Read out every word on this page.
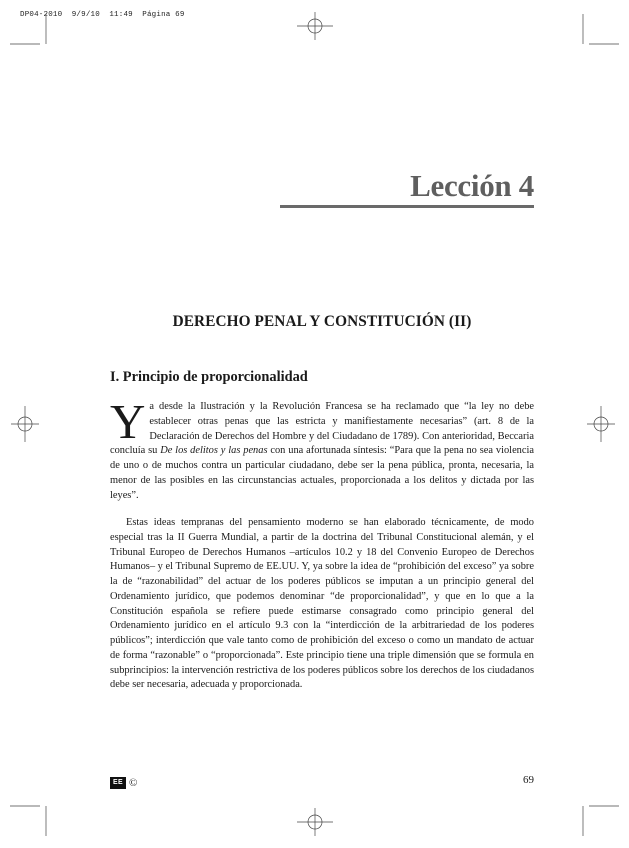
DP04-2010 9/9/10 11:49 Página 69
Lección 4
DERECHO PENAL Y CONSTITUCIÓN (II)
I. Principio de proporcionalidad
Ya desde la Ilustración y la Revolución Francesa se ha reclamado que “la ley no debe establecer otras penas que las estricta y manifiestamente necesarias” (art. 8 de la Declaración de Derechos del Hombre y del Ciudadano de 1789). Con anterioridad, Beccaria concluía su De los delitos y las penas con una afortunada síntesis: “Para que la pena no sea violencia de uno o de muchos contra un particular ciudadano, debe ser la pena pública, pronta, necesaria, la menor de las posibles en las circunstancias actuales, proporcionada a los delitos y dictada por las leyes”.
Estas ideas tempranas del pensamiento moderno se han elaborado técnicamente, de modo especial tras la II Guerra Mundial, a partir de la doctrina del Tribunal Constitucional alemán, y el Tribunal Europeo de Derechos Humanos –artículos 10.2 y 18 del Convenio Europeo de Derechos Humanos– y el Tribunal Supremo de EE.UU. Y, ya sobre la idea de “prohibición del exceso” ya sobre la de “razonabilidad” del actuar de los poderes públicos se imputan a un principio general del Ordenamiento jurídico, que podemos denominar “de proporcionalidad”, y que en lo que a la Constitución española se refiere puede estimarse consagrado como principio general del Ordenamiento jurídico en el artículo 9.3 con la “interdicción de la arbitrariedad de los poderes públicos”; interdicción que vale tanto como de prohibición del exceso o como un mandato de actuar de forma “razonable” o “proporcionada”. Este principio tiene una triple dimensión que se formula en subprincipios: la intervención restrictiva de los poderes públicos sobre los derechos de los ciudadanos debe ser necesaria, adecuada y proporcionada.
EE ©	69
